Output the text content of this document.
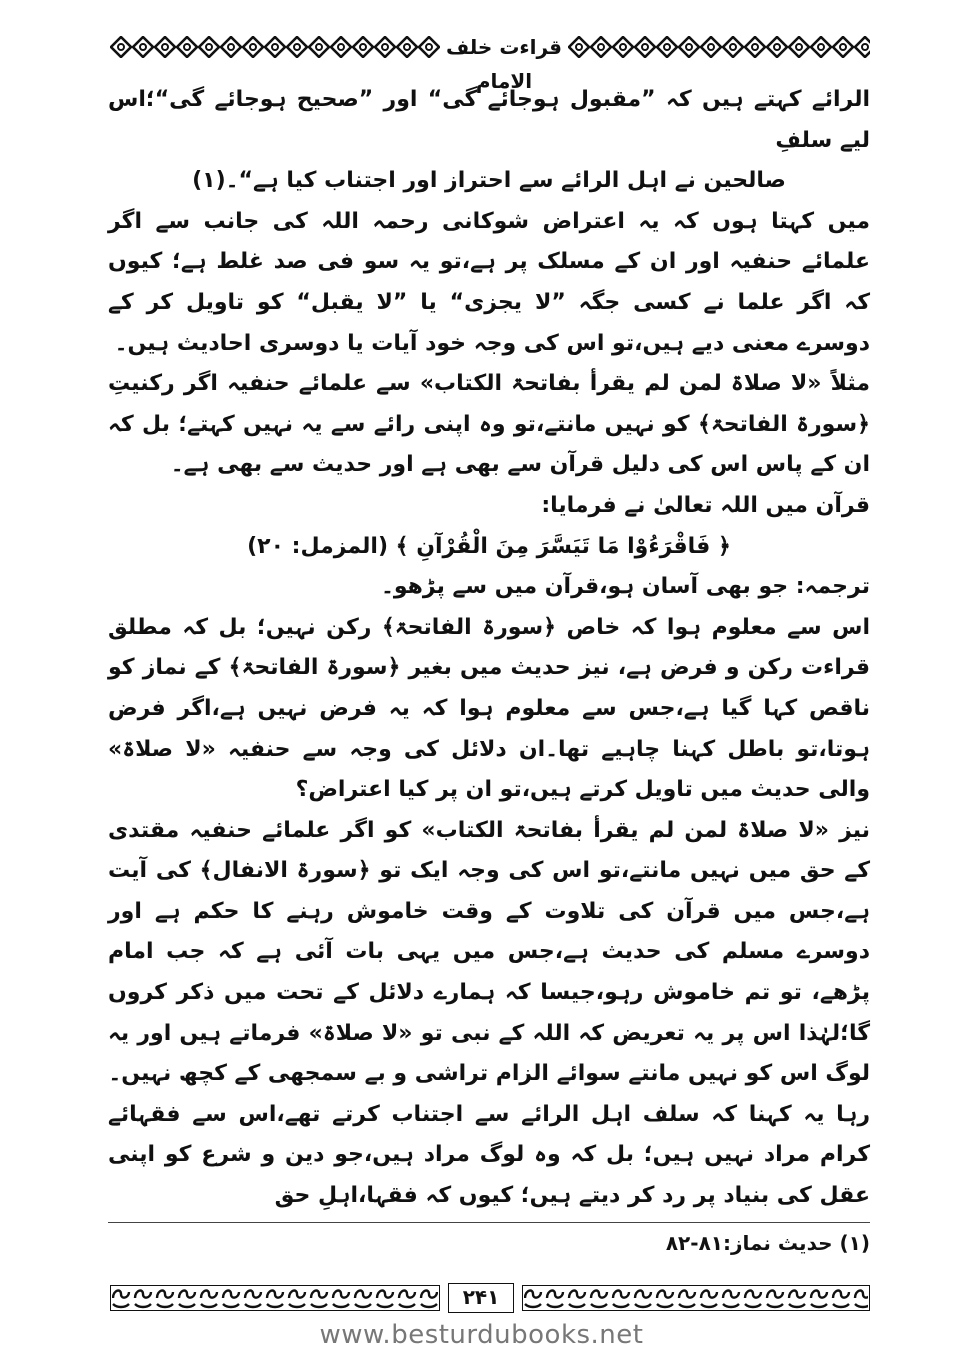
قراءت خلف الامام

الرائے کہتے ہیں کہ ”مقبول ہوجائے گی“ اور ”صحیح ہوجائے گی“؛اس لیے سلفِ

صالحین نے اہل الرائے سے احتراز اور اجتناب کیا ہے“۔(۱)

میں کہتا ہوں کہ یہ اعتراض شوکانی رحمہ اللہ کی جانب سے اگر علمائے حنفیہ اور ان کے مسلک پر ہے،تو یہ سو فی صد غلط ہے؛ کیوں کہ اگر علما نے کسی جگہ ”لا یجزی“ یا ”لا یقبل“ کو تاویل کر کے دوسرے معنی دیے ہیں،تو اس کی وجہ خود آیات یا دوسری احادیث ہیں۔

مثلاً «لا صلاۃ لمن لم یقرأ بفاتحۃ الکتاب» سے علمائے حنفیہ اگر رکنیتِ ﴿سورۃ الفاتحۃ﴾ کو نہیں مانتے،تو وہ اپنی رائے سے یہ نہیں کہتے؛ بل کہ ان کے پاس اس کی دلیل قرآن سے بھی ہے اور حدیث سے بھی ہے۔

قرآن میں اللہ تعالیٰ نے فرمایا:

﴿ فَاقْرَءُوْا مَا تَیَسَّرَ مِنَ الْقُرْآنِ ﴾ (المزمل: ۲۰)

ترجمہ: جو بھی آسان ہو،قرآن میں سے پڑھو۔

اس سے معلوم ہوا کہ خاص ﴿سورۃ الفاتحۃ﴾ رکن نہیں؛ بل کہ مطلق قراءت رکن و فرض ہے، نیز حدیث میں بغیر ﴿سورۃ الفاتحۃ﴾ کے نماز کو ناقص کہا گیا ہے،جس سے معلوم ہوا کہ یہ فرض نہیں ہے،اگر فرض ہوتا،تو باطل کہنا چاہیے تھا۔ان دلائل کی وجہ سے حنفیہ «لا صلاۃ» والی حدیث میں تاویل کرتے ہیں،تو ان پر کیا اعتراض؟

نیز «لا صلاۃ لمن لم یقرأ بفاتحۃ الکتاب» کو اگر علمائے حنفیہ مقتدی کے حق میں نہیں مانتے،تو اس کی وجہ ایک تو ﴿سورۃ الانفال﴾ کی آیت ہے،جس میں قرآن کی تلاوت کے وقت خاموش رہنے کا حکم ہے اور دوسرے مسلم کی حدیث ہے،جس میں یہی بات آئی ہے کہ جب امام پڑھے، تو تم خاموش رہو،جیسا کہ ہمارے دلائل کے تحت میں ذکر کروں گا؛لہٰذا اس پر یہ تعریض کہ اللہ کے نبی تو «لا صلاۃ» فرماتے ہیں اور یہ لوگ اس کو نہیں مانتے سوائے الزام تراشی و بے سمجھی کے کچھ نہیں۔

رہا یہ کہنا کہ سلف اہل الرائے سے اجتناب کرتے تھے،اس سے فقہائے کرام مراد نہیں ہیں؛ بل کہ وہ لوگ مراد ہیں،جو دین و شرع کو اپنی عقل کی بنیاد پر رد کر دیتے ہیں؛ کیوں کہ فقہا،اہلِ حق

(۱) حدیث نماز:۸۱-۸۲
۲۴۱
www.besturdubooks.net
